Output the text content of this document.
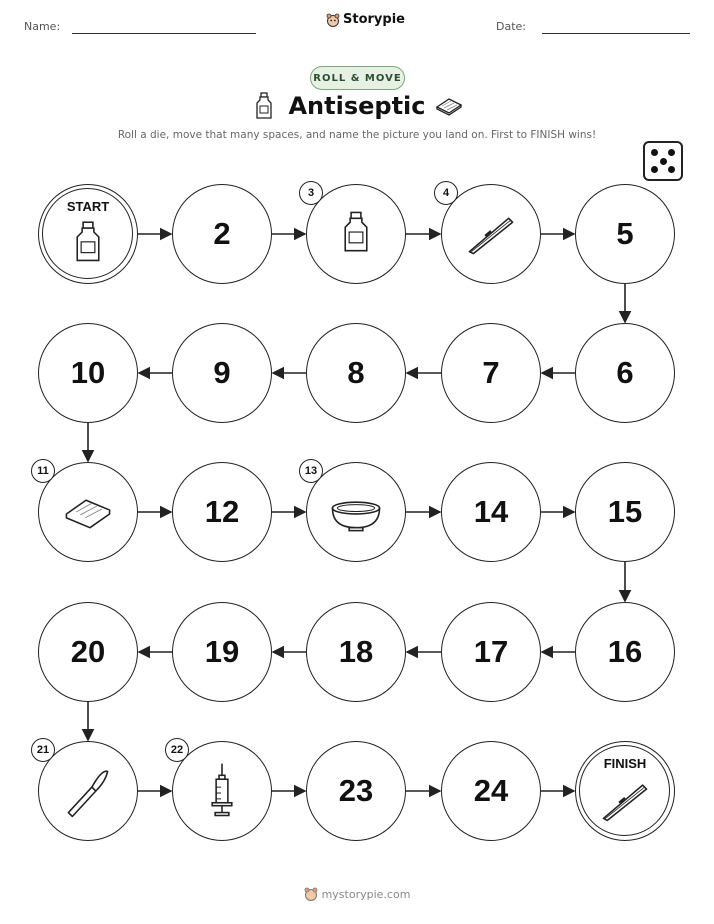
Name:	Storypie	Date:
ROLL & MOVE
Antiseptic
Roll a die, move that many spaces, and name the picture you land on. First to FINISH wins!
START
2
3	4
5
6
7
8
9
10
11
12
13
14	15
16
17
18
19
20
21	22
23	24
FINISH
mystorypie.com
